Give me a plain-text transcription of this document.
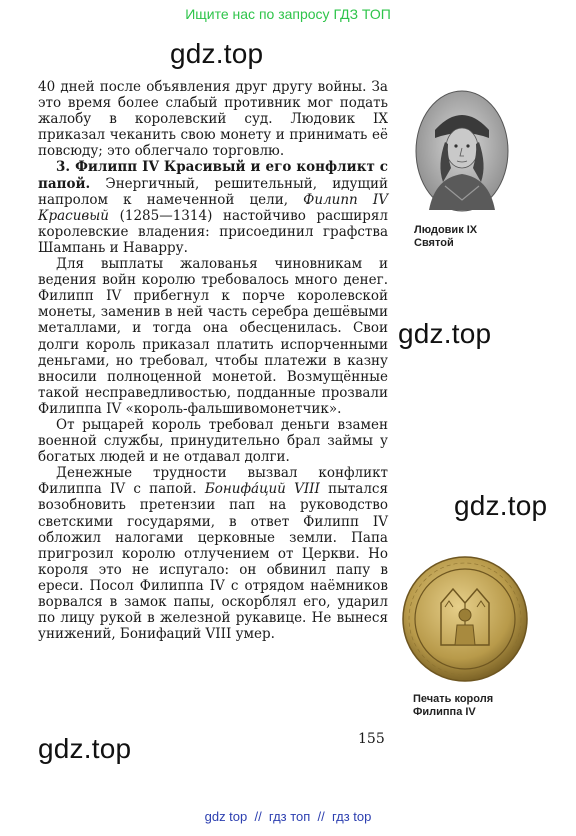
Ищите нас по запросу ГДЗ ТОП
gdz.top
gdz.top
gdz.top
gdz.top

40 дней после объявления друг другу войны. За это время более слабый противник мог подать жалобу в королевский суд. Людовик IX приказал чеканить свою монету и принимать её повсюду; это облегчало торговлю.

3. Филипп IV Красивый и его конфликт с папой. Энергичный, решительный, идущий напролом к намеченной цели, Филипп IV Красивый (1285—1314) настойчиво расширял королевские владения: присоединил графства Шампань и Наварру.

Для выплаты жалованья чиновникам и ведения войн королю требовалось много денег. Филипп IV прибегнул к порче королевской монеты, заменив в ней часть серебра дешёвыми металлами, и тогда она обесценилась. Свои долги король приказал платить испорченными деньгами, но требовал, чтобы платежи в казну вносили полноценной монетой. Возмущённые такой несправедливостью, подданные прозвали Филиппа IV «король-фальшивомонетчик».

От рыцарей король требовал деньги взамен военной службы, принудительно брал займы у богатых людей и не отдавал долги.

Денежные трудности вызвал конфликт Филиппа IV с папой. Бонифа́ций VIII пытался возобновить претензии пап на руководство светскими государями, в ответ Филипп IV обложил налогами церковные земли. Папа пригрозил королю отлучением от Церкви. Но короля это не испугало: он обвинил папу в ереси. Посол Филиппа IV с отрядом наёмников ворвался в замок папы, оскорблял его, ударил по лицу рукой в железной рукавице. Не вынеся унижений, Бонифаций VIII умер.

Людовик IX
Святой
Печать короля
Филиппа IV
155
gdz top  //  гдз топ  //  гдз top
